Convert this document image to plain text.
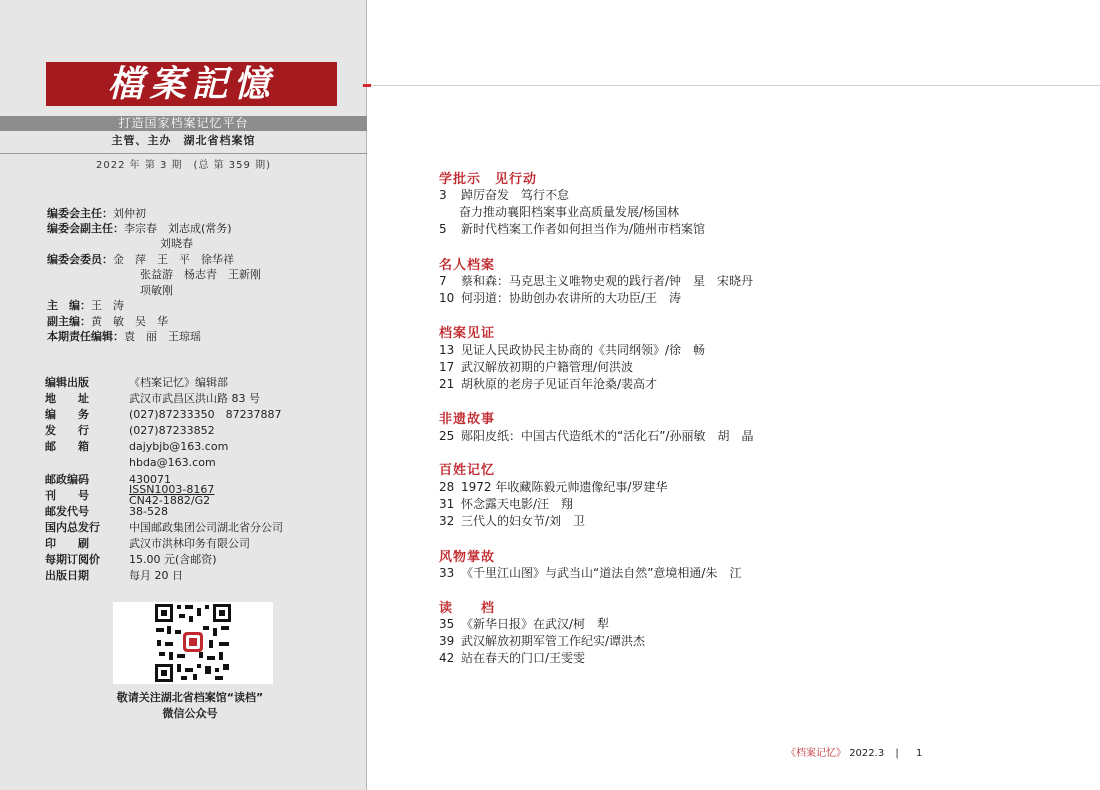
檔案記憶
打造国家档案记忆平台
主管、主办　湖北省档案馆
2022 年 第 3 期　(总 第 359 期)
编委会主任：刘仲初
编委会副主任：李宗春　刘志成(常务)
刘晓春
编委会委员：金　萍　王　平　徐华祥
张益游　杨志青　王新刚
项敏刚
主　编：王　涛
副主编：黄　敏　吴　华
本期责任编辑：袁　丽　王琼瑶
编辑出版	《档案记忆》编辑部
地　　址	武汉市武昌区洪山路 83 号
编　　务	(027)87233350　87237887
发　　行	(027)87233852
邮　　箱	dajybjb@163.com
hbda@163.com
邮政编码	430071
刊　　号	ISSN1003-8167
CN42-1882/G2
邮发代号	38-528
国内总发行	中国邮政集团公司湖北省分公司
印　　刷	武汉市洪林印务有限公司
每期订阅价	15.00 元(含邮资)
出版日期	每月 20 日
敬请关注湖北省档案馆“读档”
微信公众号
学批示　见行动
3 踔厉奋发　笃行不怠
奋力推动襄阳档案事业高质量发展/杨国林
5 新时代档案工作者如何担当作为/随州市档案馆
名人档案
7 蔡和森：马克思主义唯物史观的践行者/钟　星　宋晓丹
10 何羽道：协助创办农讲所的大功臣/王　涛
档案见证
13 见证人民政协民主协商的《共同纲领》/徐　畅
17 武汉解放初期的户籍管理/何洪波
21 胡秋原的老房子见证百年沧桑/裴高才
非遗故事
25 郧阳皮纸：中国古代造纸术的“活化石”/孙丽敏　胡　晶
百姓记忆
28 1972 年收藏陈毅元帅遗像纪事/罗建华
31 怀念露天电影/汪　翔
32 三代人的妇女节/刘　卫
风物掌故
33 《千里江山图》与武当山“道法自然”意境相通/朱　江
读　　档
35 《新华日报》在武汉/柯　犁
39 武汉解放初期军管工作纪实/谭洪杰
42 站在春天的门口/王雯雯
《档案记忆》 2022.3 | 1
